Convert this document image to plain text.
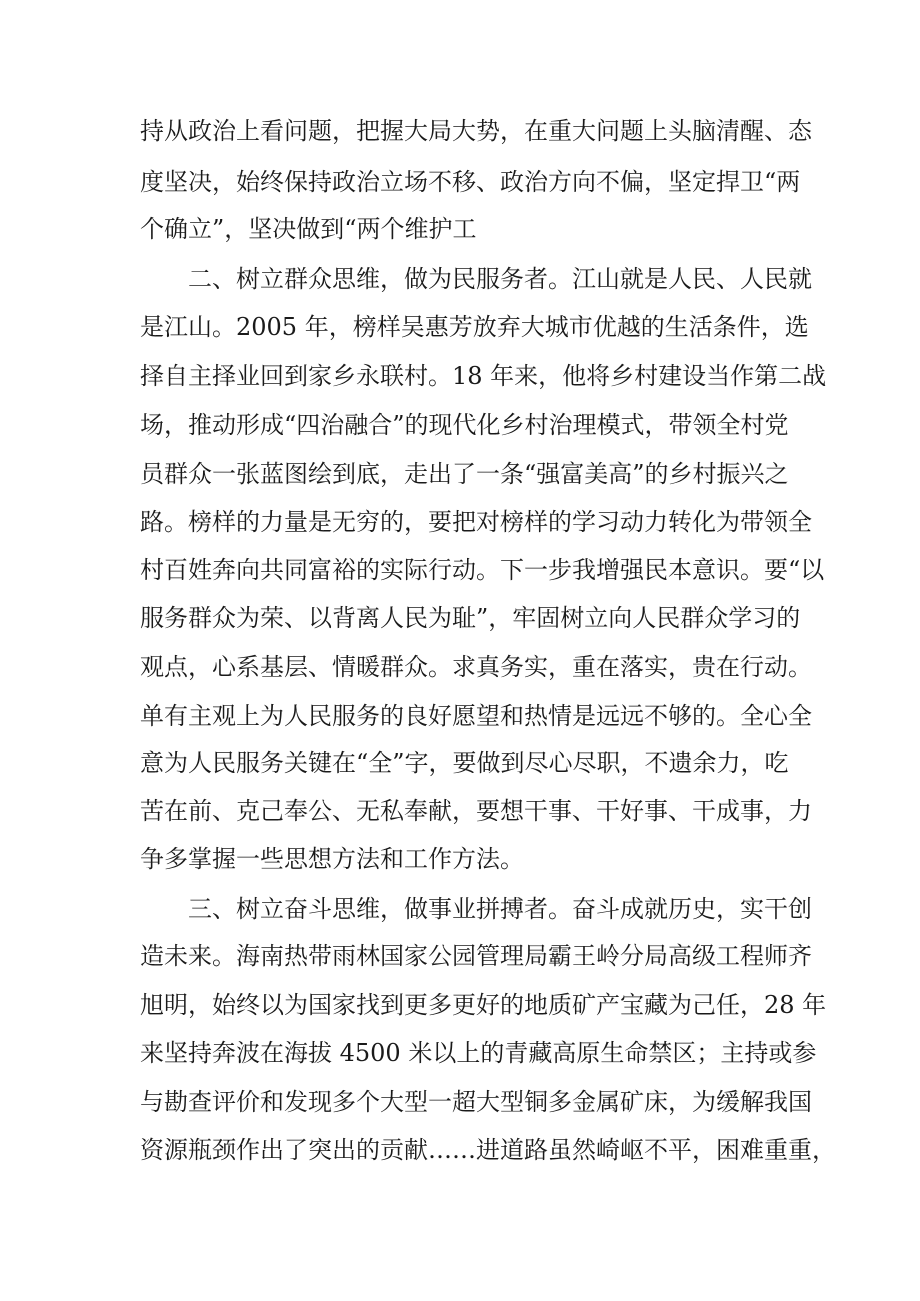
持从政治上看问题，把握大局大势，在重大问题上头脑清醒、态
度坚决，始终保持政治立场不移、政治方向不偏，坚定捍卫“两
个确立”，坚决做到“两个维护工
二、树立群众思维，做为民服务者。江山就是人民、人民就
是江山。2005 年，榜样吴惠芳放弃大城市优越的生活条件，选
择自主择业回到家乡永联村。18 年来，他将乡村建设当作第二战
场，推动形成“四治融合”的现代化乡村治理模式，带领全村党
员群众一张蓝图绘到底，走出了一条“强富美高”的乡村振兴之
路。榜样的力量是无穷的，要把对榜样的学习动力转化为带领全
村百姓奔向共同富裕的实际行动。下一步我增强民本意识。要“以
服务群众为荣、以背离人民为耻”，牢固树立向人民群众学习的
观点，心系基层、情暖群众。求真务实，重在落实，贵在行动。
单有主观上为人民服务的良好愿望和热情是远远不够的。全心全
意为人民服务关键在“全”字，要做到尽心尽职，不遗余力，吃
苦在前、克己奉公、无私奉献，要想干事、干好事、干成事，力
争多掌握一些思想方法和工作方法。
三、树立奋斗思维，做事业拼搏者。奋斗成就历史，实干创
造未来。海南热带雨林国家公园管理局霸王岭分局高级工程师齐
旭明，始终以为国家找到更多更好的地质矿产宝藏为己任，28 年
来坚持奔波在海拔 4500 米以上的青藏高原生命禁区；主持或参
与勘查评价和发现多个大型一超大型铜多金属矿床，为缓解我国
资源瓶颈作出了突出的贡献……进道路虽然崎岖不平，困难重重，
